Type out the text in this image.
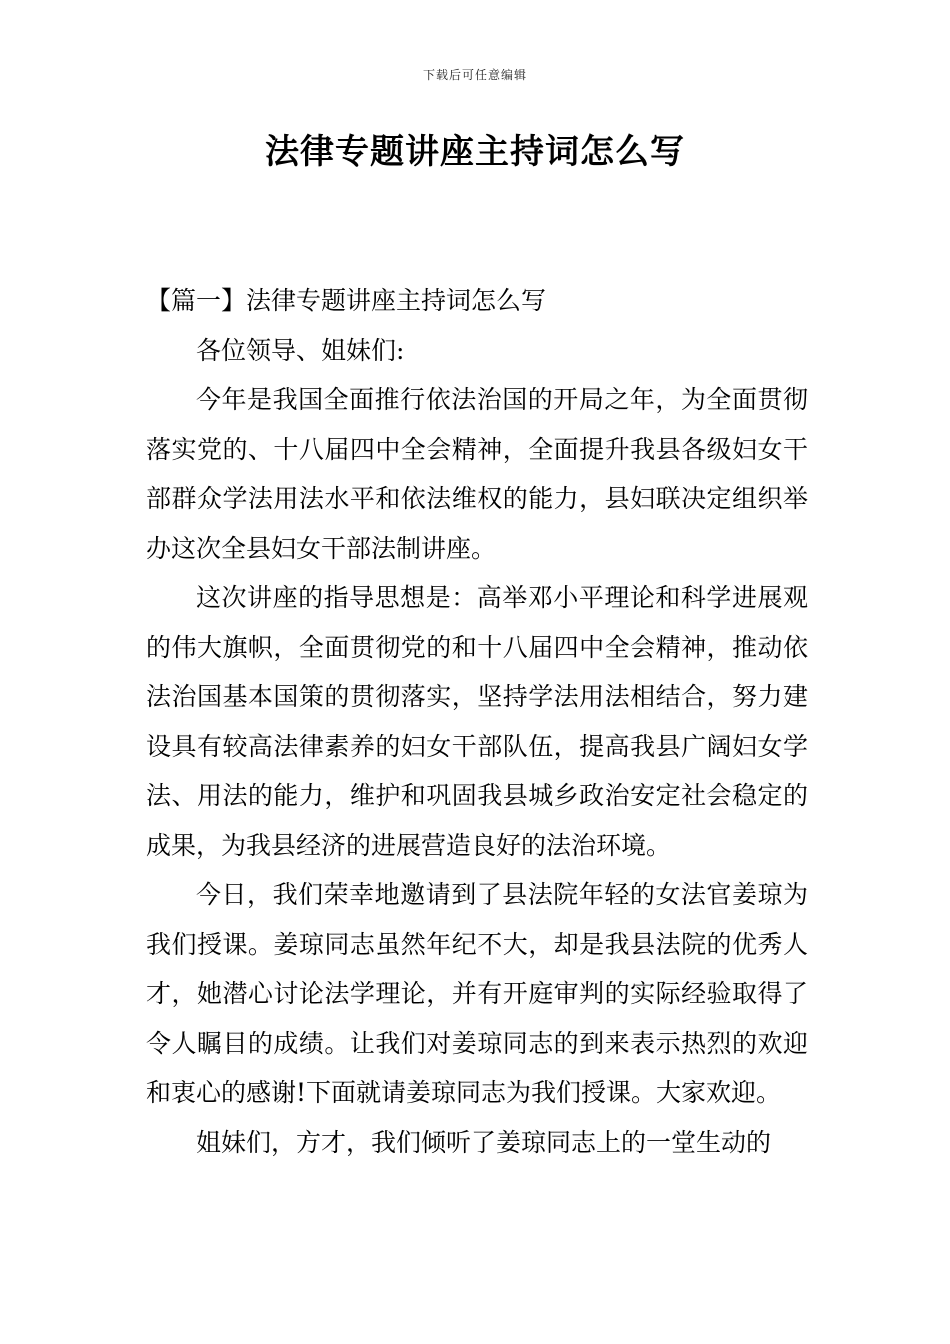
下载后可任意编辑
法律专题讲座主持词怎么写

【篇一】法律专题讲座主持词怎么写

各位领导、姐妹们:

今年是我国全面推行依法治国的开局之年，为全面贯彻落实党的、十八届四中全会精神，全面提升我县各级妇女干部群众学法用法水平和依法维权的能力，县妇联决定组织举办这次全县妇女干部法制讲座。

这次讲座的指导思想是：高举邓小平理论和科学进展观的伟大旗帜，全面贯彻党的和十八届四中全会精神，推动依法治国基本国策的贯彻落实，坚持学法用法相结合，努力建设具有较高法律素养的妇女干部队伍，提高我县广阔妇女学法、用法的能力，维护和巩固我县城乡政治安定社会稳定的成果，为我县经济的进展营造良好的法治环境。

今日，我们荣幸地邀请到了县法院年轻的女法官姜琼为我们授课。姜琼同志虽然年纪不大，却是我县法院的优秀人才，她潜心讨论法学理论，并有开庭审判的实际经验取得了令人瞩目的成绩。让我们对姜琼同志的到来表示热烈的欢迎和衷心的感谢!下面就请姜琼同志为我们授课。大家欢迎。

姐妹们，方才，我们倾听了姜琼同志上的一堂生动的
